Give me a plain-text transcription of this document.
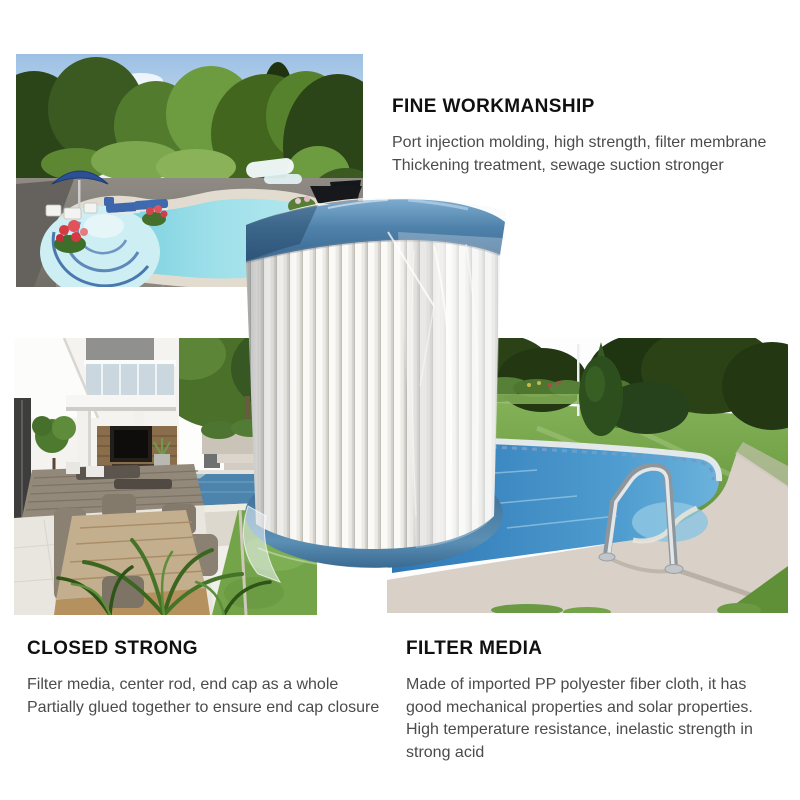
FINE WORKMANSHIP
Port injection molding, high strength, filter membrane
Thickening treatment, sewage suction stronger
CLOSED STRONG
Filter media, center rod, end cap as a whole
Partially glued together to ensure end cap closure
FILTER MEDIA
Made of imported PP polyester fiber cloth, it has
good mechanical properties and solar properties.
High temperature resistance, inelastic strength in
strong acid
